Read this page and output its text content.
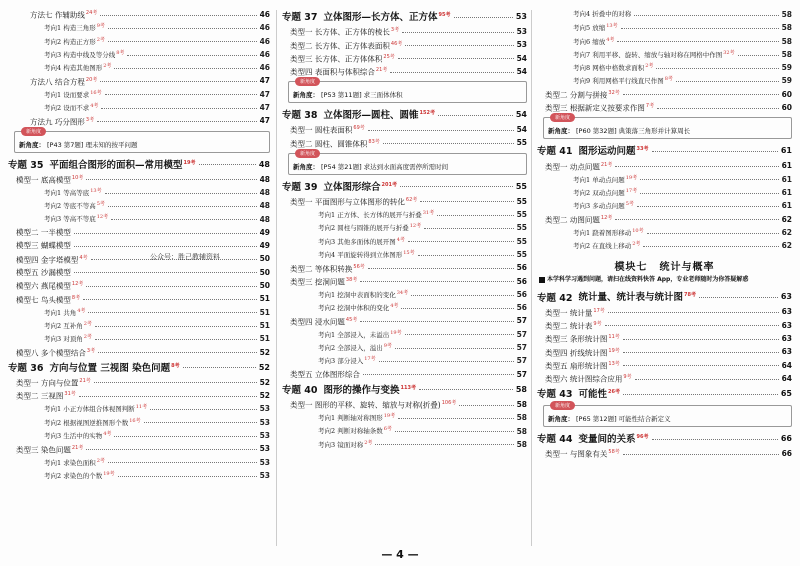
方法七 作辅助线$^{24考}$	46
考向1 构造三角形$^{9考}$	46
考向2 构造正方形$^{2考}$	46
考向3 构造中线及等分线$^{8考}$	46
考向4 构造其他图形$^{2考}$	46
方法八 结合方程$^{20考}$	47
考向1 设而要求$^{16考}$	47
考向2 设而不求$^{4考}$	47
方法九 巧分图形$^{3考}$	47
新角度
新角度： [P43 第7题] 理未知的按平问题
专题 35 平面组合图形的面积—常用模型$^{19考}$	48
模型一 底高模型$^{10考}$	48
考向1 等高等底$^{13考}$	48
考向2 等底不等高$^{5考}$	48
考向3 等高不等底$^{12考}$	48
模型二 一半模型	49
模型三 蝴蝶模型	49
模型四 金字塔模型$^{4考}$	50
模型五 沙漏模型	50
模型六 燕尾模型$^{12考}$	50
模型七 鸟头模型$^{8考}$	51
考向1 共角$^{4考}$	51
考向2 互补角$^{2考}$	51
考向3 对顶角$^{2考}$	51
模型八 多个模型结合$^{3考}$	52
专题 36 方向与位置 三视图 染色问题$^{8考}$	52
类型一 方向与位置$^{21考}$	52
类型二 三视图$^{31考}$	52
考向1 小正方体组合体视图判断$^{11考}$	53
考向2 根据视图逆推图形个数$^{16考}$	53
考向3 生活中的实物$^{4考}$	53
类型三 染色问题$^{21考}$	53
考向1 求染色面积$^{2考}$	53
考向2 求染色的个数$^{19考}$	53
专题 37 立体图形—长方体、正方体$^{95考}$	53
类型一 长方体、正方体的棱长$^{3考}$	53
类型二 长方体、正方体表面积$^{46考}$	53
类型三 长方体、正方体体积$^{25考}$	54
类型四 表面积与体积综合$^{21考}$	54
新角度
新角度： [P53 第11题] 求三面体体积
专题 38 立体图形—圆柱、圆锥$^{152考}$	54
类型一 圆柱表面积$^{69考}$	54
类型二 圆柱、圆锥体积$^{83考}$	55
新角度
新角度： [P54 第21题] 求达到水面高度需停所需时间
专题 39 立体图形综合$^{201考}$	55
类型一 平面图形与立体图形的转化$^{62考}$	55
考向1 正方体、长方体的展开与折叠$^{31考}$	55
考向2 圆柱与圆锥的展开与折叠$^{12考}$	55
考向3 其他多面体的展开图$^{4考}$	55
考向4 平面旋转得到立体图形$^{15考}$	55
类型二 等体积转换$^{56考}$	56
类型三 挖洞问题$^{38考}$	56
考向1 挖洞中表面积的变化$^{34考}$	56
考向2 挖洞中体积的变化$^{4考}$	56
类型四 浸水问题$^{45考}$	57
考向1 全部浸入，未溢出$^{19考}$	57
考向2 全部浸入，溢出$^{9考}$	57
考向3 部分浸入$^{17考}$	57
类型五 立体图形综合	57
专题 40 图形的操作与变换$^{113考}$	58
类型一 图形的平移、旋转、缩放与对称(折叠)$^{106考}$	58
考向1 判断轴对称图形$^{19考}$	58
考向2 判断对称轴条数$^{6考}$	58
考向3 镜面对称$^{2考}$	58
考向4 折叠中的对称	58
考向5 放缩$^{13考}$	58
考向6 缩放$^{4考}$	58
考向7 利用平移、旋转、缩放与轴对称在网格中作图$^{32考}$	58
考向8 网格中格数求面积$^{2考}$	59
考向9 利用网格平行线直尺作图$^{8考}$	59
类型二 分割与拼接$^{32考}$	60
类型三 根据新定义按要求作图$^{7考}$	60
新角度
新角度： [P60 第32题] 典策落三角形并计算周长
专题 41 图形运动问题$^{33考}$	61
类型一 动点问题$^{21考}$	61
考向1 单动点问题$^{19考}$	61
考向2 双动点问题$^{17考}$	61
考向3 多动点问题$^{5考}$	61
类型二 动图问题$^{12考}$	62
考向1 跷着图形移动$^{10考}$	62
考向2 在直线上移动$^{2考}$	62
模块七 统计与概率
本学科学习遇到问题，请扫在线资料快答 App，专业老师随时为你答疑解惑
专题 42 统计量、统计表与统计图$^{78考}$	63
类型一 统计量$^{17考}$	63
类型二 统计表$^{9考}$	63
类型三 条形统计图$^{11考}$	63
类型四 折线统计图$^{19考}$	63
类型五 扇形统计图$^{13考}$	64
类型六 统计图综合应用$^{9考}$	64
专题 43 可能性$^{26考}$	65
新角度
新角度： [P65 第12题] 可能性结合新定义
专题 44 变量间的关系$^{96考}$	66
类型一 与图象有关$^{58考}$	66
公众号：胜己教辅资料
— 4 —
